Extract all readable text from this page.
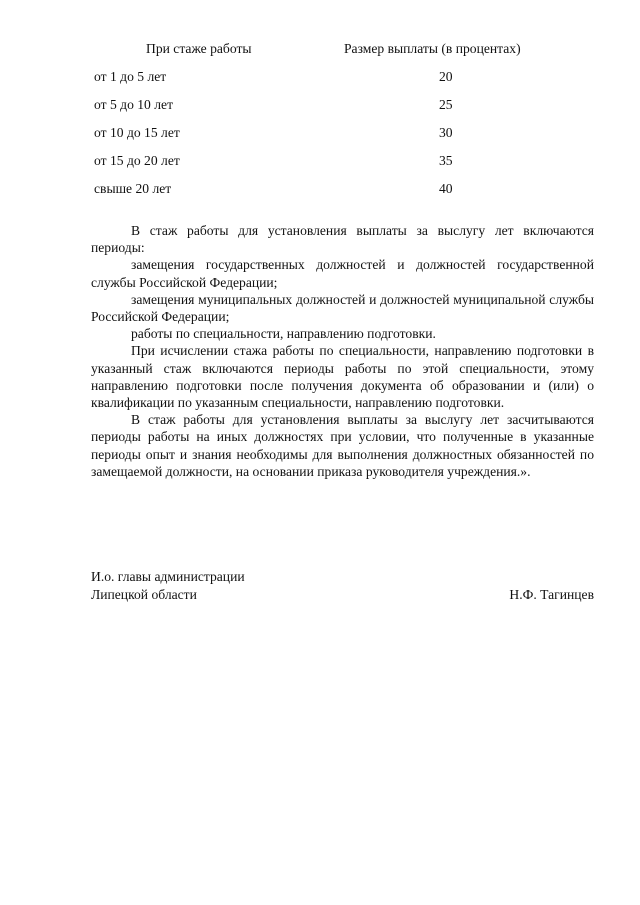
При стаже работы	Размер выплаты (в процентах)
от 1 до 5 лет	20
от 5 до 10 лет	25
от 10 до 15 лет	30
от 15 до 20 лет	35
свыше 20 лет	40

В стаж работы для установления выплаты за выслугу лет включаются периоды:

замещения государственных должностей и должностей государственной службы Российской Федерации;

замещения муниципальных должностей и должностей муниципальной службы Российской Федерации;

работы по специальности, направлению подготовки.

При исчислении стажа работы по специальности, направлению подготовки в указанный стаж включаются периоды работы по этой специальности, этому направлению подготовки после получения документа об образовании и (или) о квалификации по указанным специальности, направлению подготовки.

В стаж работы для установления выплаты за выслугу лет засчитываются периоды работы на иных должностях при условии, что полученные в указанные периоды опыт и знания необходимы для выполнения должностных обязанностей по замещаемой должности, на основании приказа руководителя учреждения.».

И.о. главы администрации
Липецкой области	Н.Ф. Тагинцев
